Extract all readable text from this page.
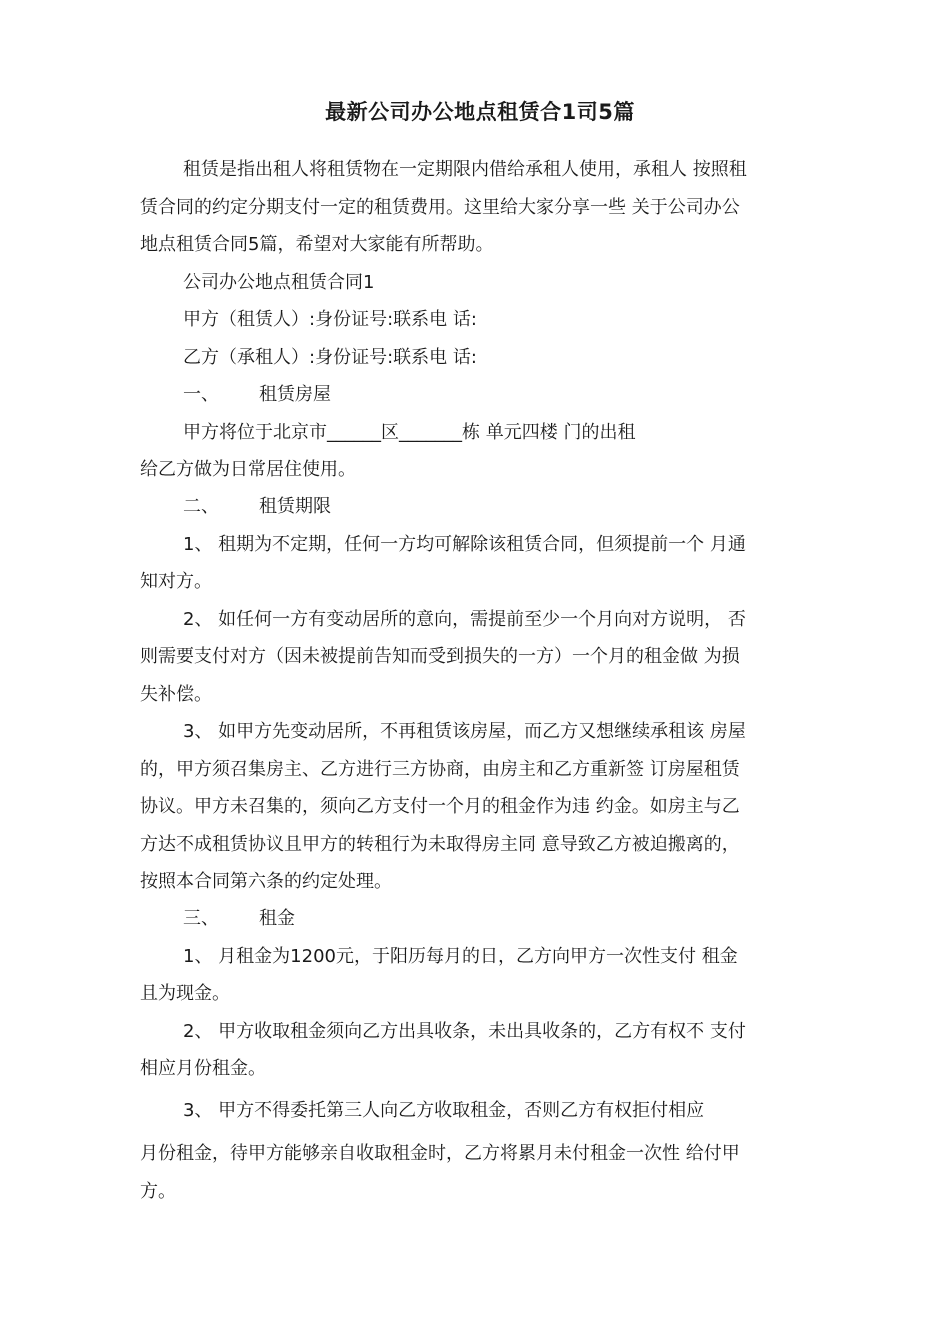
最新公司办公地点租赁合1司5篇
租赁是指出租人将租赁物在一定期限内借给承租人使用，承租人 按照租
赁合同的约定分期支付一定的租赁费用。这里给大家分享一些 关于公司办公
地点租赁合同5篇，希望对大家能有所帮助。
公司办公地点租赁合同1
甲方（租赁人）:身份证号:联系电 话:
乙方（承租人）:身份证号:联系电 话:
一、 租赁房屋
甲方将位于北京市______区_______栋 单元四楼 门的出租
给乙方做为日常居住使用。
二、 租赁期限
1、 租期为不定期，任何一方均可解除该租赁合同，但须提前一个 月通
知对方。
2、 如任何一方有变动居所的意向，需提前至少一个月向对方说明， 否
则需要支付对方（因未被提前告知而受到损失的一方）一个月的租金做 为损
失补偿。
3、 如甲方先变动居所，不再租赁该房屋，而乙方又想继续承租该 房屋
的，甲方须召集房主、乙方进行三方协商，由房主和乙方重新签 订房屋租赁
协议。甲方未召集的，须向乙方支付一个月的租金作为违 约金。如房主与乙
方达不成租赁协议且甲方的转租行为未取得房主同 意导致乙方被迫搬离的，
按照本合同第六条的约定处理。
三、 租金
1、 月租金为1200元，于阳历每月的日，乙方向甲方一次性支付 租金
且为现金。
2、 甲方收取租金须向乙方出具收条，未出具收条的，乙方有权不 支付
相应月份租金。
3、 甲方不得委托第三人向乙方收取租金，否则乙方有权拒付相应
月份租金，待甲方能够亲自收取租金时，乙方将累月未付租金一次性 给付甲
方。
